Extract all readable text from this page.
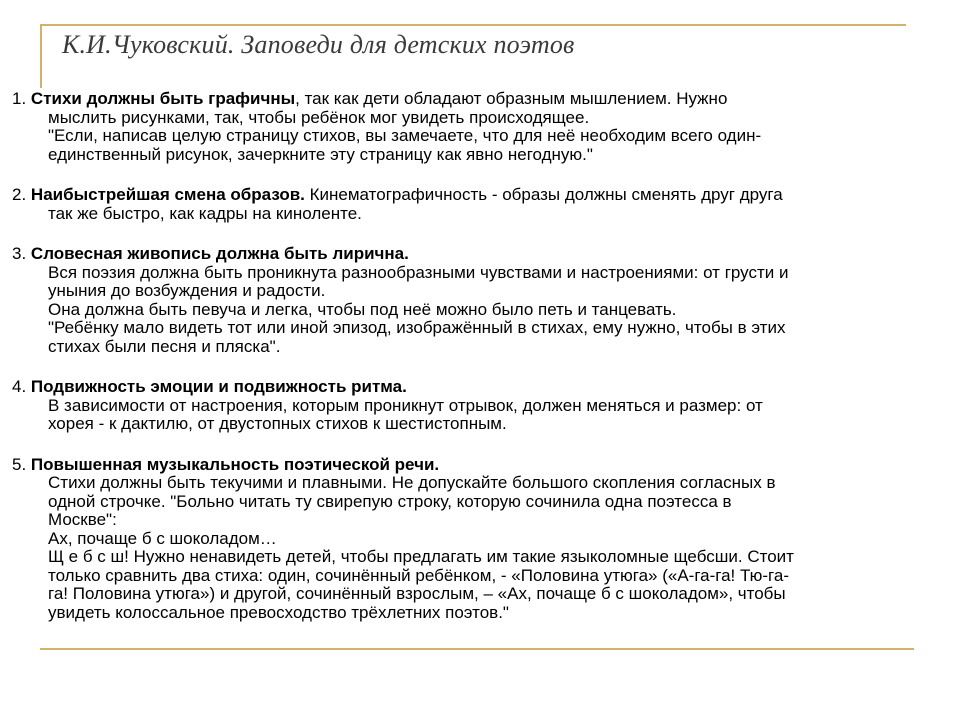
К.И.Чуковский. Заповеди для детских поэтов
1. Стихи должны быть графичны, так как дети обладают образным мышлением. Нужно
мыслить рисунками, так, чтобы ребёнок мог увидеть происходящее.
"Если, написав целую страницу стихов, вы замечаете, что для неё необходим всего один-
единственный рисунок, зачеркните эту страницу как явно негодную."
2. Наибыстрейшая смена образов. Кинематографичность - образы должны сменять друг друга
так же быстро, как кадры на киноленте.
3. Словесная живопись должна быть лирична.
Вся поэзия должна быть проникнута разнообразными чувствами и настроениями: от грусти и
уныния до возбуждения и радости.
Она должна быть певуча и легка, чтобы под неё можно было петь и танцевать.
"Ребёнку мало видеть тот или иной эпизод, изображённый в стихах, ему нужно, чтобы в этих
стихах были песня и пляска".
4. Подвижность эмоции и подвижность ритма.
В зависимости от настроения, которым проникнут отрывок, должен меняться и размер: от
хорея - к дактилю, от двустопных стихов к шестистопным.
5. Повышенная музыкальность поэтической речи.
Стихи должны быть текучими и плавными. Не допускайте большого скопления согласных в
одной строчке. "Больно читать ту свирепую строку, которую сочинила одна поэтесса в
Москве":
Ах, почаще б с шоколадом…
Щ е б с ш! Нужно ненавидеть детей, чтобы предлагать им такие языколомные щебсши. Стоит
только сравнить два стиха: один, сочинённый ребёнком, - «Половина утюга» («А-га-га! Тю-га-
га! Половина утюга») и другой, сочинённый взрослым, – «Ах, почаще б с шоколадом», чтобы
увидеть колоссальное превосходство трёхлетних поэтов."
